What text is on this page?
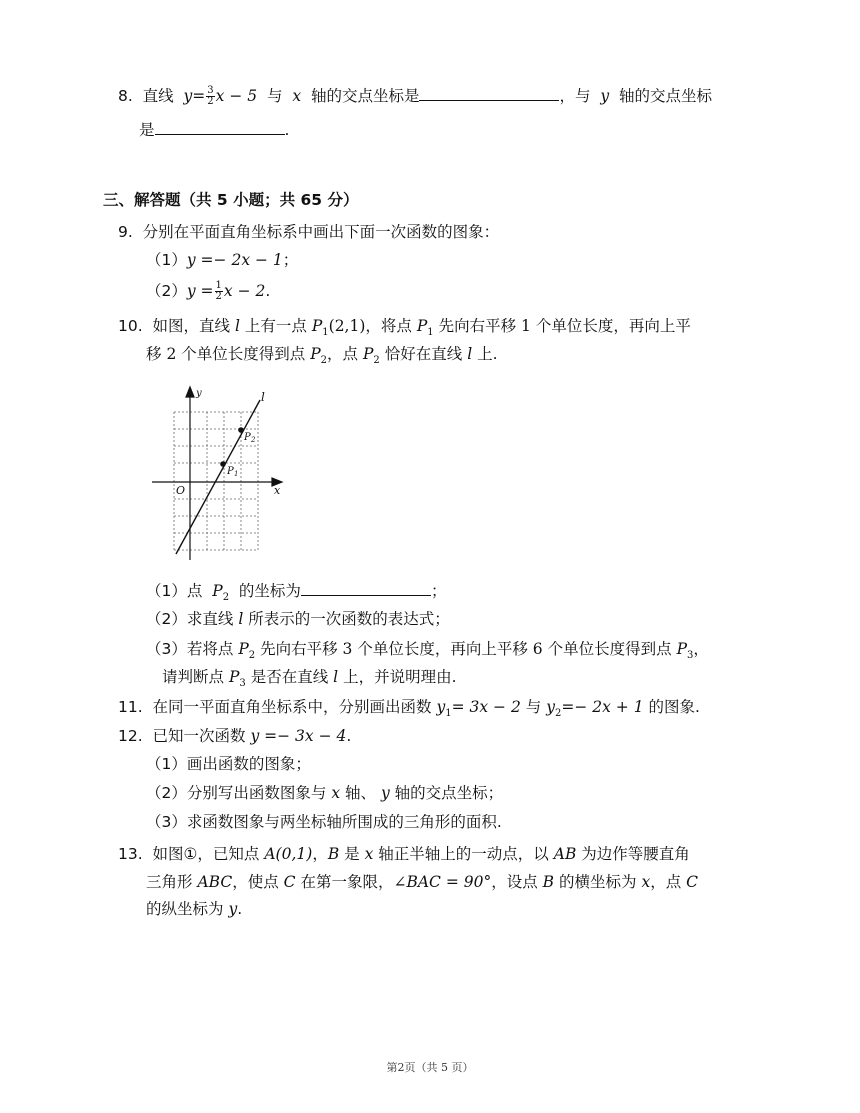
8. 直线 $y= \frac{3}{2}$ x − 5 与 x 轴的交点坐标是	，与 y 轴的交点坐标
是	.
三、解答题（共 5 小题；共 65 分）
9. 分别在平面直角坐标系中画出下面一次函数的图象：
（1）y =− 2x − 1；
$(2)y = \frac{1}{2}$ x − 2.
10. 如图，直线 l 上有一点 $P_1(2,1)$，将点 $P_1$ 先向右平移 1 个单位长度，再向上平
移 2 个单位长度得到点 $P_2$，点 $P_2$ 恰好在直线 l 上.
y
x
O
l
P 1
P 2
（1）点 $P_2$ 的坐标为	；
（2）求直线 l 所表示的一次函数的表达式；
（3）若将点 $P_2$ 先向右平移 3 个单位长度，再向上平移 6 个单位长度得到点 $P_3$，
请判断点 $P_3$ 是否在直线 l 上，并说明理由.
11. 在同一平面直角坐标系中，分别画出函数 $y_1= 3x - 2$ 与 $y_2=- 2x + 1$ 的图象.
12. 已知一次函数 y =− 3x − 4.
（1）画出函数的图象；
（2）分别写出函数图象与 x 轴、 y 轴的交点坐标；
（3）求函数图象与两坐标轴所围成的三角形的面积.
13. 如图①，已知点 A(0,1)，B 是 x 轴正半轴上的一动点，以 AB 为边作等腰直角
三角形 ABC，使点 C 在第一象限，∠BAC = 90°，设点 B 的横坐标为 x，点 C
的纵坐标为 y.
第2页（共 5 页）
